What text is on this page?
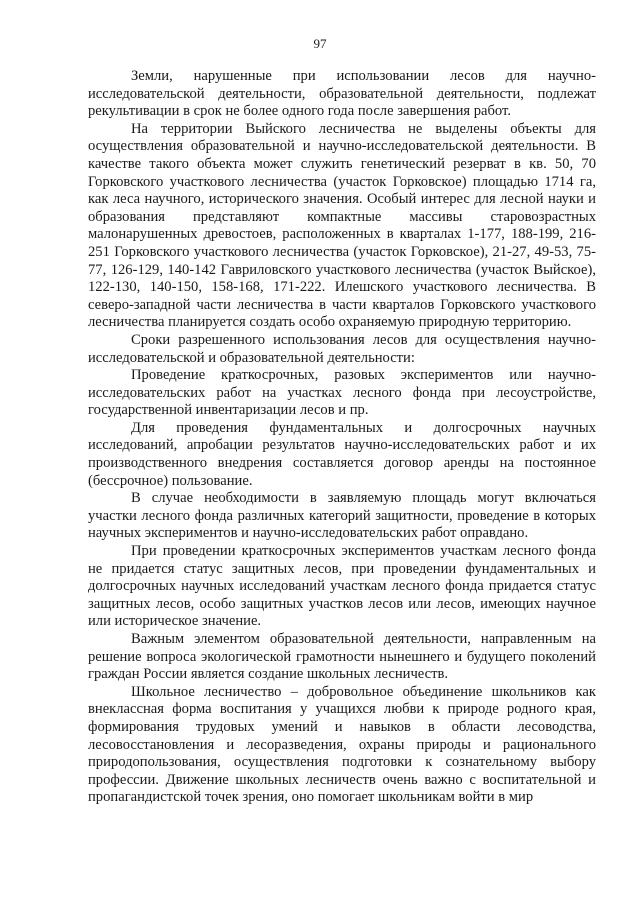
97

Земли, нарушенные при использовании лесов для научно-исследовательской деятельности, образовательной деятельности, подлежат рекультивации в срок не более одного года после завершения работ.

На территории Выйского лесничества не выделены объекты для осуществления образовательной и научно-исследовательской деятельности. В качестве такого объекта может служить генетический резерват в кв. 50, 70 Горковского участкового лесничества (участок Горковское) площадью 1714 га, как леса научного, исторического значения. Особый интерес для лесной науки и образования представляют компактные массивы старовозрастных малонарушенных древостоев, расположенных в кварталах 1-177, 188-199, 216-251 Горковского участкового лесничества (участок Горковское), 21-27, 49-53, 75-77, 126-129, 140-142 Гавриловского участкового лесничества (участок Выйское), 122-130, 140-150, 158-168, 171-222. Илешского участкового лесничества. В северо-западной части лесничества в части кварталов Горковского участкового лесничества планируется создать особо охраняемую природную территорию.

Сроки разрешенного использования лесов для осуществления научно-исследовательской и образовательной деятельности:

Проведение краткосрочных, разовых экспериментов или научно-исследовательских работ на участках лесного фонда при лесоустройстве, государственной инвентаризации лесов и пр.

Для проведения фундаментальных и долгосрочных научных исследований, апробации результатов научно-исследовательских работ и их производственного внедрения составляется договор аренды на постоянное (бессрочное) пользование.

В случае необходимости в заявляемую площадь могут включаться участки лесного фонда различных категорий защитности, проведение в которых научных экспериментов и научно-исследовательских работ оправдано.

При проведении краткосрочных экспериментов участкам лесного фонда не придается статус защитных лесов, при проведении фундаментальных и долгосрочных научных исследований участкам лесного фонда придается статус защитных лесов, особо защитных участков лесов или лесов, имеющих научное или историческое значение.

Важным элементом образовательной деятельности, направленным на решение вопроса экологической грамотности нынешнего и будущего поколений граждан России является создание школьных лесничеств.

Школьное лесничество – добровольное объединение школьников как внеклассная форма воспитания у учащихся любви к природе родного края, формирования трудовых умений и навыков в области лесоводства, лесовосстановления и лесоразведения, охраны природы и рационального природопользования, осуществления подготовки к сознательному выбору профессии. Движение школьных лесничеств очень важно с воспитательной и пропагандистской точек зрения, оно помогает школьникам войти в мир
